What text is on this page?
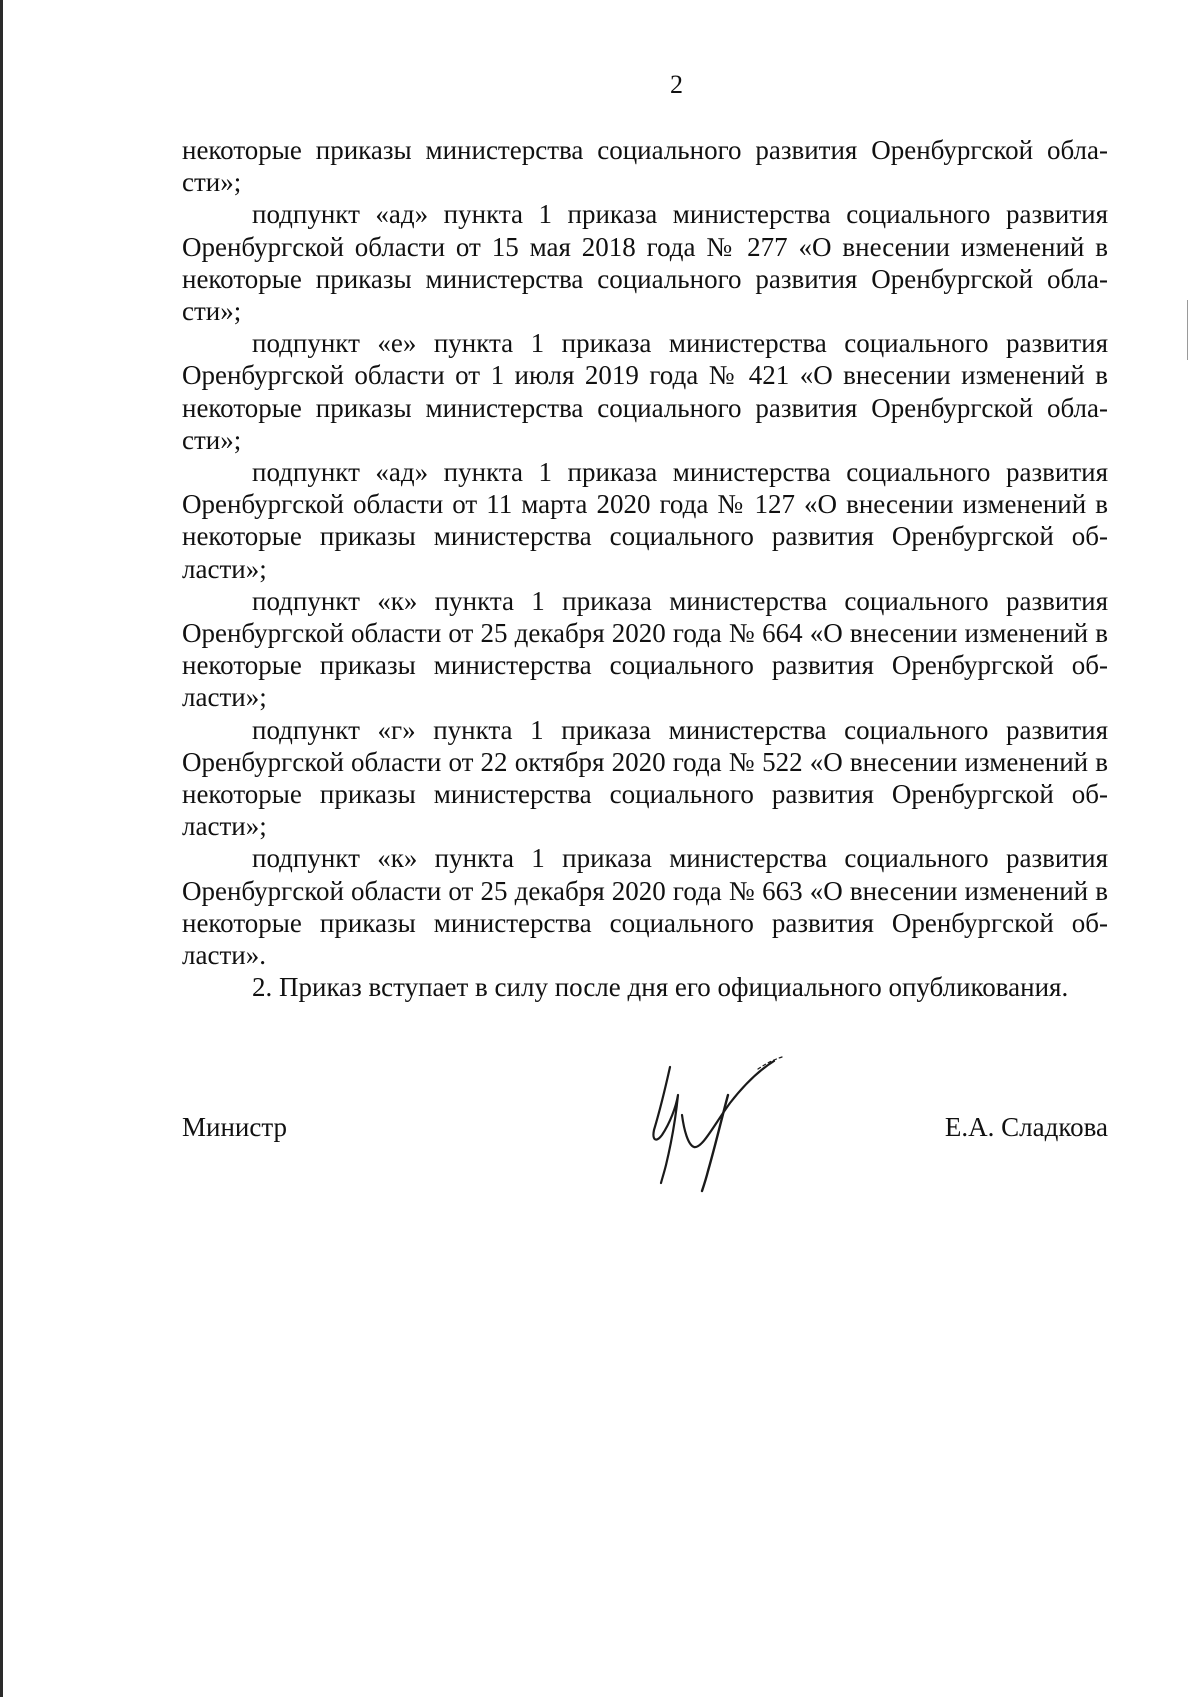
2

некоторые приказы министерства социального развития Оренбургской обла-сти»;

подпункт «ад» пункта 1 приказа министерства социального развития Оренбургской области от 15 мая 2018 года № 277 «О внесении изменений в некоторые приказы министерства социального развития Оренбургской обла-сти»;

подпункт «е» пункта 1 приказа министерства социального развития Оренбургской области от 1 июля 2019 года № 421 «О внесении изменений в некоторые приказы министерства социального развития Оренбургской обла-сти»;

подпункт «ад» пункта 1 приказа министерства социального развития Оренбургской области от 11 марта 2020 года № 127 «О внесении изменений в некоторые приказы министерства социального развития Оренбургской об-ласти»;

подпункт «к» пункта 1 приказа министерства социального развития Оренбургской области от 25 декабря 2020 года № 664 «О внесении изменений в некоторые приказы министерства социального развития Оренбургской об-ласти»;

подпункт «г» пункта 1 приказа министерства социального развития Оренбургской области от 22 октября 2020 года № 522 «О внесении изменений в некоторые приказы министерства социального развития Оренбургской об-ласти»;

подпункт «к» пункта 1 приказа министерства социального развития Оренбургской области от 25 декабря 2020 года № 663 «О внесении изменений в некоторые приказы министерства социального развития Оренбургской об-ласти».

2. Приказ вступает в силу после дня его официального опубликования.

Министр	Е.А. Сладкова
